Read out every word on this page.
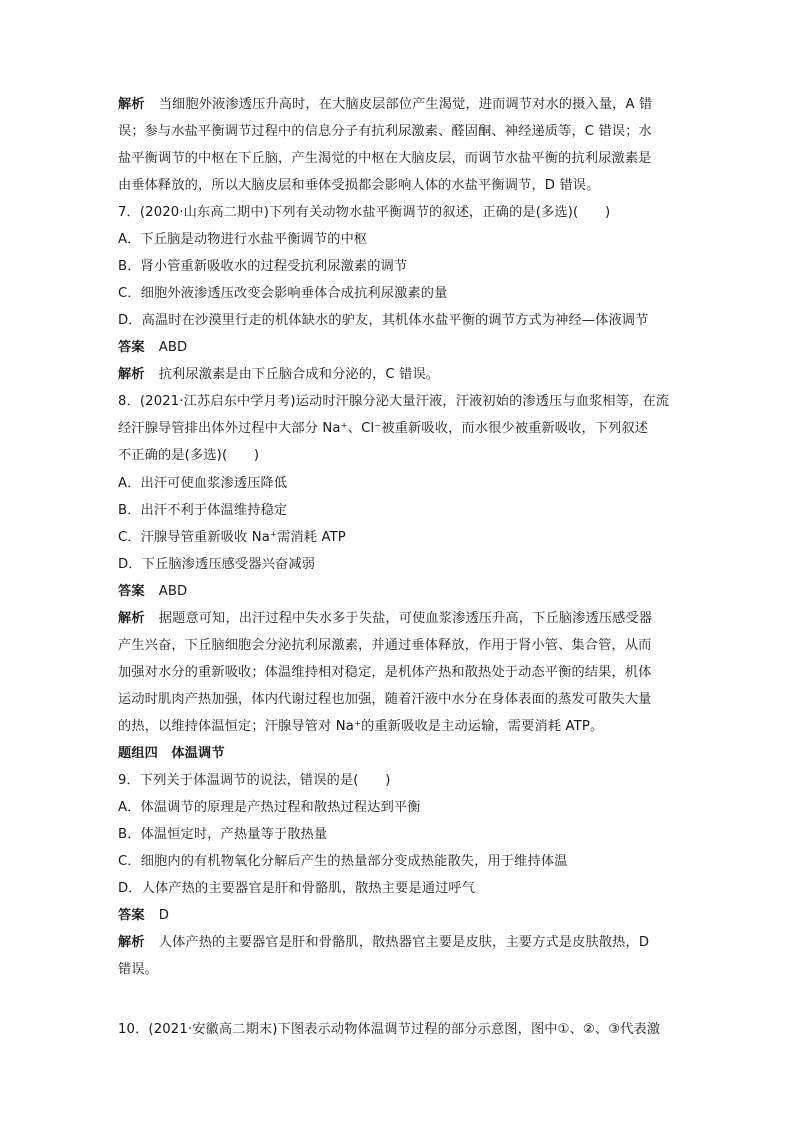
解析 当细胞外液渗透压升高时，在大脑皮层部位产生渴觉，进而调节对水的摄入量，A 错
误；参与水盐平衡调节过程中的信息分子有抗利尿激素、醛固酮、神经递质等，C 错误；水
盐平衡调节的中枢在下丘脑，产生渴觉的中枢在大脑皮层，而调节水盐平衡的抗利尿激素是
由垂体释放的，所以大脑皮层和垂体受损都会影响人体的水盐平衡调节，D 错误。
7．(2020·山东高二期中)下列有关动物水盐平衡调节的叙述，正确的是(多选)(　　)
A．下丘脑是动物进行水盐平衡调节的中枢
B．肾小管重新吸收水的过程受抗利尿激素的调节
C．细胞外液渗透压改变会影响垂体合成抗利尿激素的量
D．高温时在沙漠里行走的机体缺水的驴友，其机体水盐平衡的调节方式为神经—体液调节
答案 ABD
解析 抗利尿激素是由下丘脑合成和分泌的，C 错误。
8．(2021·江苏启东中学月考)运动时汗腺分泌大量汗液，汗液初始的渗透压与血浆相等，在流
经汗腺导管排出体外过程中大部分 Na⁺、Cl⁻被重新吸收，而水很少被重新吸收，下列叙述
不正确的是(多选)(　　)
A．出汗可使血浆渗透压降低
B．出汗不利于体温维持稳定
C．汗腺导管重新吸收 Na⁺需消耗 ATP
D．下丘脑渗透压感受器兴奋减弱
答案 ABD
解析 据题意可知，出汗过程中失水多于失盐，可使血浆渗透压升高，下丘脑渗透压感受器
产生兴奋，下丘脑细胞会分泌抗利尿激素，并通过垂体释放，作用于肾小管、集合管，从而
加强对水分的重新吸收；体温维持相对稳定，是机体产热和散热处于动态平衡的结果，机体
运动时肌肉产热加强，体内代谢过程也加强，随着汗液中水分在身体表面的蒸发可散失大量
的热，以维持体温恒定；汗腺导管对 Na⁺的重新吸收是主动运输，需要消耗 ATP。
题组四　体温调节
9．下列关于体温调节的说法，错误的是(　　)
A．体温调节的原理是产热过程和散热过程达到平衡
B．体温恒定时，产热量等于散热量
C．细胞内的有机物氧化分解后产生的热量部分变成热能散失，用于维持体温
D．人体产热的主要器官是肝和骨骼肌，散热主要是通过呼气
答案 D
解析 人体产热的主要器官是肝和骨骼肌，散热器官主要是皮肤，主要方式是皮肤散热，D
错误。
10．(2021·安徽高二期末)下图表示动物体温调节过程的部分示意图，图中①、②、③代表激
